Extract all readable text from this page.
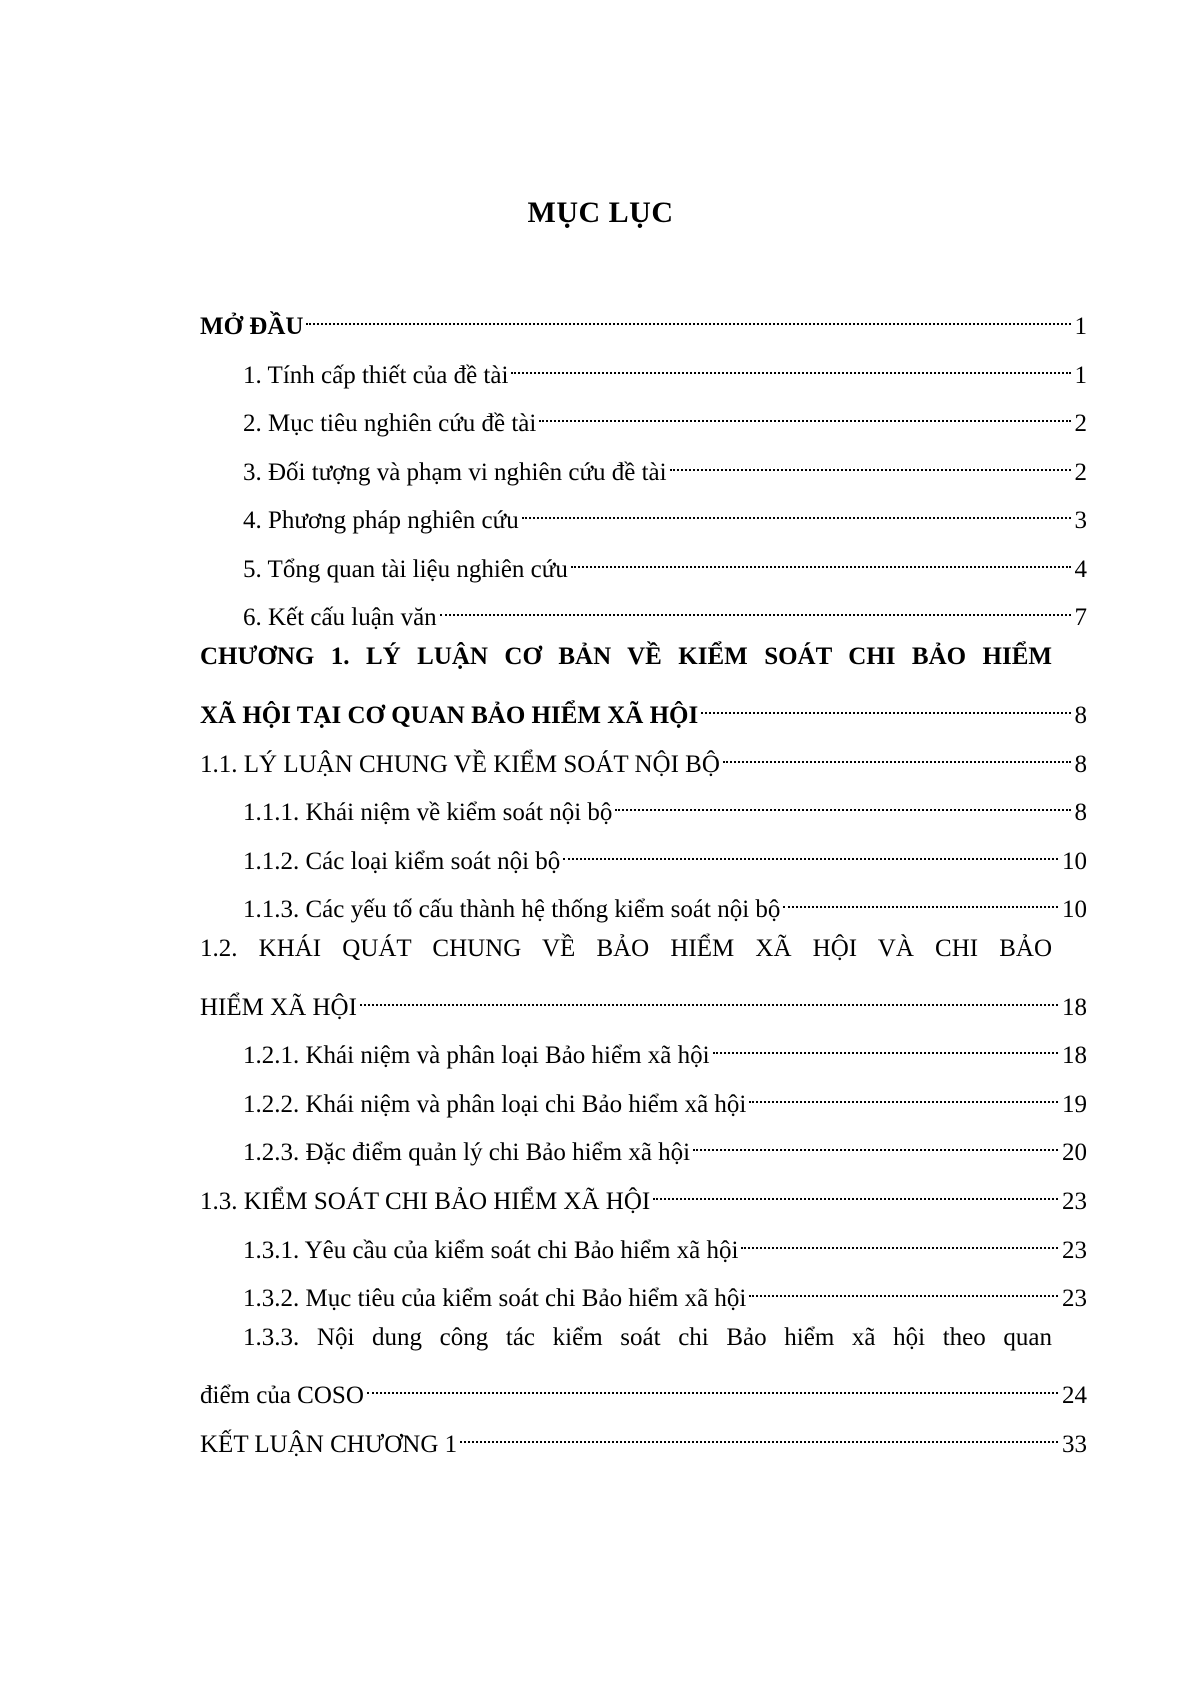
MỤC LỤC
MỞ ĐẦU	1
1. Tính cấp thiết của đề tài	1
2. Mục tiêu nghiên cứu đề tài	2
3. Đối tượng và phạm vi nghiên cứu đề tài	2
4. Phương pháp nghiên cứu	3
5. Tổng quan tài liệu nghiên cứu	4
6. Kết cấu luận văn	7
CHƯƠNG 1. LÝ LUẬN CƠ BẢN VỀ KIỂM SOÁT CHI BẢO HIỂM
XÃ HỘI TẠI CƠ QUAN BẢO HIỂM XÃ HỘI	8
1.1. LÝ LUẬN CHUNG VỀ KIỂM SOÁT NỘI BỘ	8
1.1.1. Khái niệm về kiểm soát nội bộ	8
1.1.2. Các loại kiểm soát nội bộ	10
1.1.3. Các yếu tố cấu thành hệ thống kiểm soát nội bộ	10
1.2. KHÁI QUÁT CHUNG VỀ BẢO HIỂM XÃ HỘI VÀ CHI BẢO
HIỂM XÃ HỘI	18
1.2.1. Khái niệm và phân loại Bảo hiểm xã hội	18
1.2.2. Khái niệm và phân loại chi Bảo hiểm xã hội	19
1.2.3. Đặc điểm quản lý chi Bảo hiểm xã hội	20
1.3. KIỂM SOÁT CHI BẢO HIỂM XÃ HỘI	23
1.3.1. Yêu cầu của kiểm soát chi Bảo hiểm xã hội	23
1.3.2. Mục tiêu của kiểm soát chi Bảo hiểm xã hội	23
1.3.3. Nội dung công tác kiểm soát chi Bảo hiểm xã hội theo quan
điểm của COSO	24
KẾT LUẬN CHƯƠNG 1	33
